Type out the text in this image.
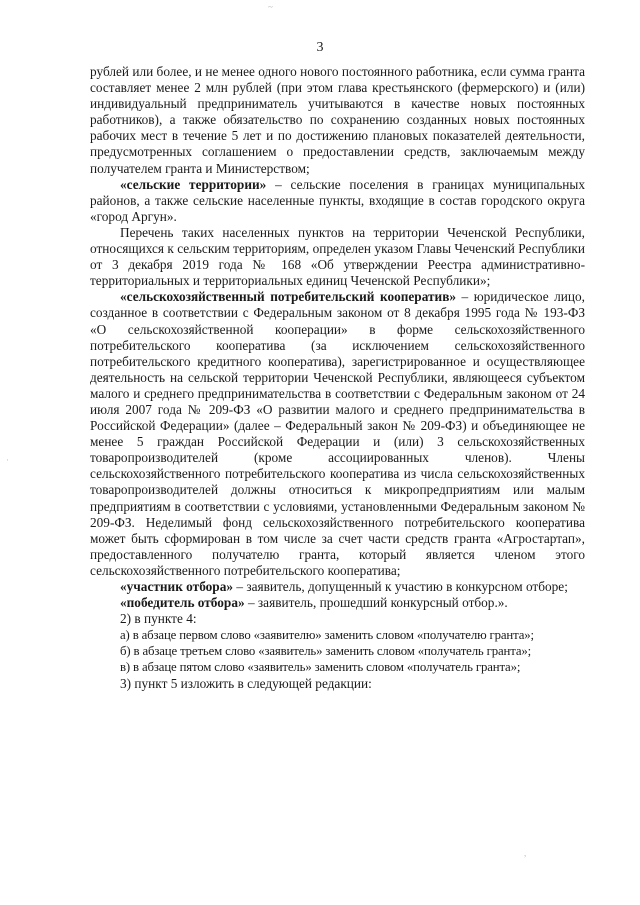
3

рублей или более, и не менее одного нового постоянного работника, если сумма гранта составляет менее 2 млн рублей (при этом глава крестьянского (фермерского) и (или) индивидуальный предприниматель учитываются в качестве новых постоянных работников), а также обязательство по сохранению созданных новых постоянных рабочих мест в течение 5 лет и по достижению плановых показателей деятельности, предусмотренных соглашением о предоставлении средств, заключаемым между получателем гранта и Министерством;

«сельские территории» – сельские поселения в границах муниципальных районов, а также сельские населенные пункты, входящие в состав городского округа «город Аргун».

Перечень таких населенных пунктов на территории Чеченской Республики, относящихся к сельским территориям, определен указом Главы Чеченский Республики от 3 декабря 2019 года № 168 «Об утверждении Реестра административно-территориальных и территориальных единиц Чеченской Республики»;

«сельскохозяйственный потребительский кооператив» – юридическое лицо, созданное в соответствии с Федеральным законом от 8 декабря 1995 года № 193-ФЗ «О сельскохозяйственной кооперации» в форме сельскохозяйственного потребительского кооператива (за исключением сельскохозяйственного потребительского кредитного кооператива), зарегистрированное и осуществляющее деятельность на сельской территории Чеченской Республики, являющееся субъектом малого и среднего предпринимательства в соответствии с Федеральным законом от 24 июля 2007 года № 209-ФЗ «О развитии малого и среднего предпринимательства в Российской Федерации» (далее – Федеральный закон № 209-ФЗ) и объединяющее не менее 5 граждан Российской Федерации и (или) 3 сельскохозяйственных товаропроизводителей (кроме ассоциированных членов). Члены сельскохозяйственного потребительского кооператива из числа сельскохозяйственных товаропроизводителей должны относиться к микропредприятиям или малым предприятиям в соответствии с условиями, установленными Федеральным законом № 209-ФЗ. Неделимый фонд сельскохозяйственного потребительского кооператива может быть сформирован в том числе за счет части средств гранта «Агростартап», предоставленного получателю гранта, который является членом этого сельскохозяйственного потребительского кооператива;

«участник отбора» – заявитель, допущенный к участию в конкурсном отборе;

«победитель отбора» – заявитель, прошедший конкурсный отбор.».

2) в пункте 4:

а) в абзаце первом слово «заявителю» заменить словом «получателю гранта»;

б) в абзаце третьем слово «заявитель» заменить словом «получатель гранта»;

в) в абзаце пятом слово «заявитель» заменить словом «получатель гранта»;

3) пункт 5 изложить в следующей редакции:

~
·
,
